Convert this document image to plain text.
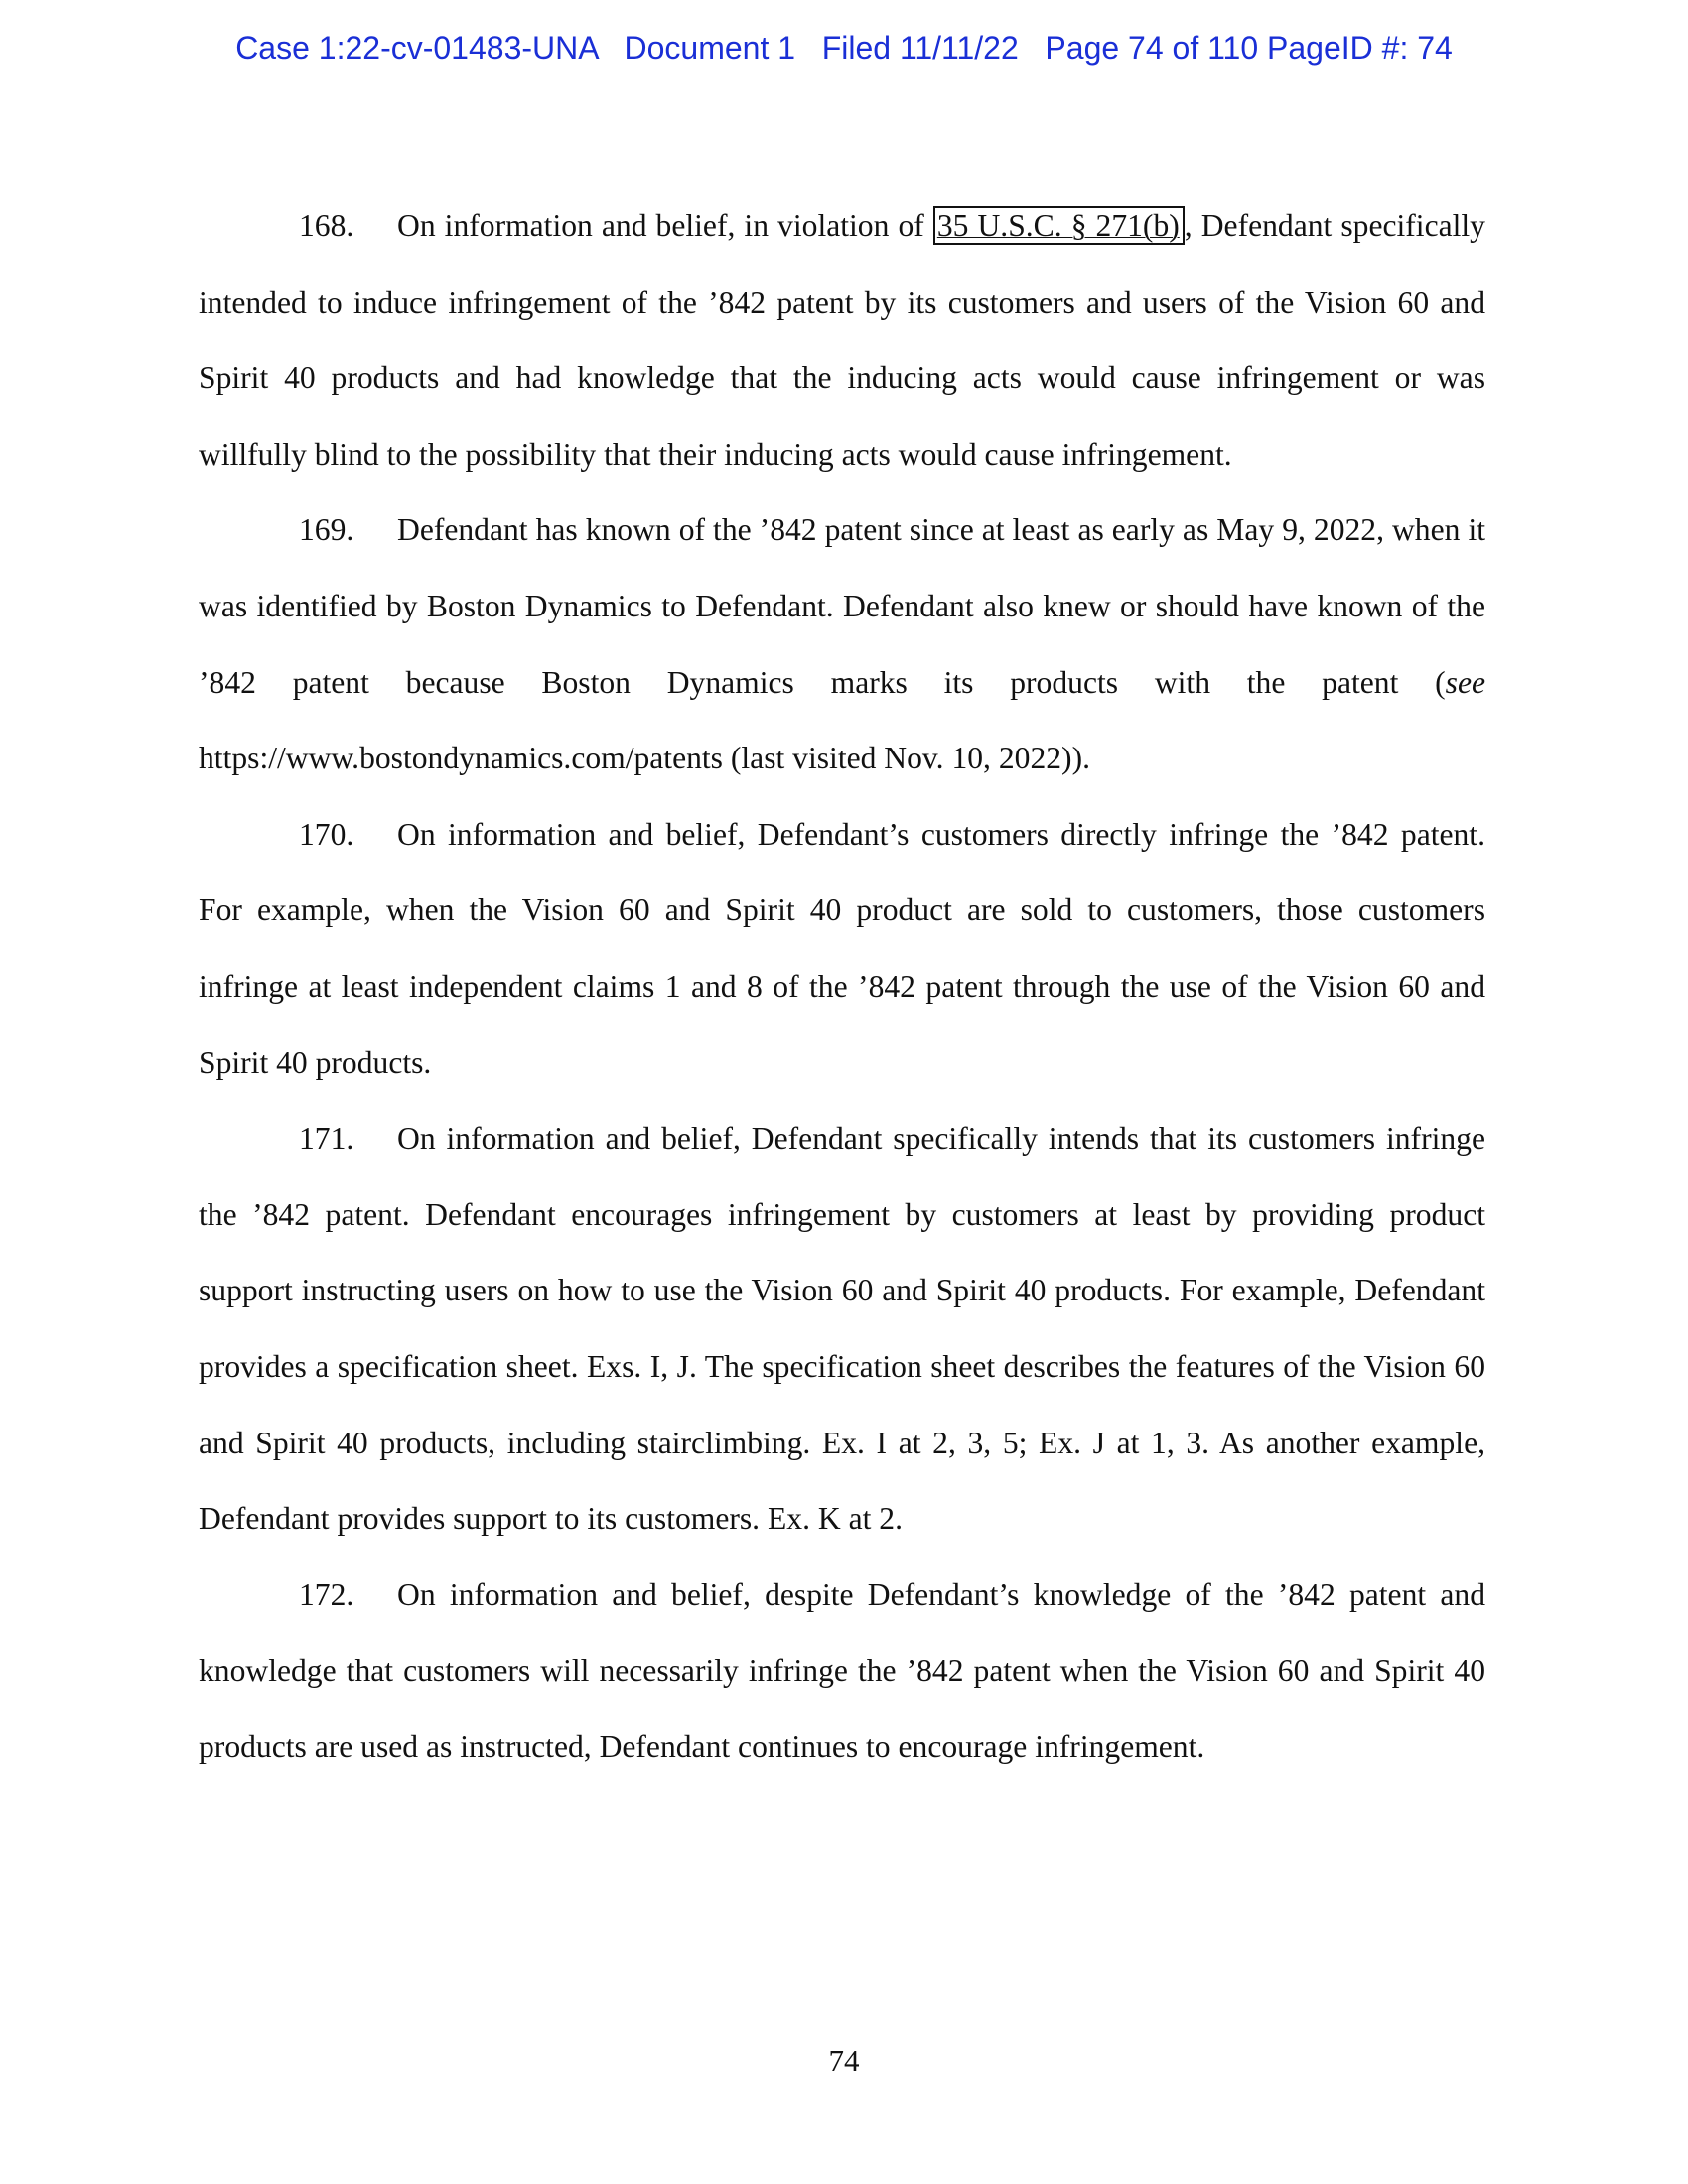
Case 1:22-cv-01483-UNA Document 1 Filed 11/11/22 Page 74 of 110 PageID #: 74

168. On information and belief, in violation of 35 U.S.C. § 271(b) , Defendant specifically intended to induce infringement of the ’842 patent by its customers and users of the Vision 60 and Spirit 40 products and had knowledge that the inducing acts would cause infringement or was willfully blind to the possibility that their inducing acts would cause infringement.

169. Defendant has known of the ’842 patent since at least as early as May 9, 2022, when it was identified by Boston Dynamics to Defendant. Defendant also knew or should have known of the ’842 patent because Boston Dynamics marks its products with the patent (see https://www.bostondynamics.com/patents (last visited Nov. 10, 2022)).

170. On information and belief, Defendant’s customers directly infringe the ’842 patent. For example, when the Vision 60 and Spirit 40 product are sold to customers, those customers infringe at least independent claims 1 and 8 of the ’842 patent through the use of the Vision 60 and Spirit 40 products.

171. On information and belief, Defendant specifically intends that its customers infringe the ’842 patent. Defendant encourages infringement by customers at least by providing product support instructing users on how to use the Vision 60 and Spirit 40 products. For example, Defendant provides a specification sheet. Exs. I, J. The specification sheet describes the features of the Vision 60 and Spirit 40 products, including stairclimbing. Ex. I at 2, 3, 5; Ex. J at 1, 3. As another example, Defendant provides support to its customers. Ex. K at 2.

172. On information and belief, despite Defendant’s knowledge of the ’842 patent and knowledge that customers will necessarily infringe the ’842 patent when the Vision 60 and Spirit 40 products are used as instructed, Defendant continues to encourage infringement.

74
